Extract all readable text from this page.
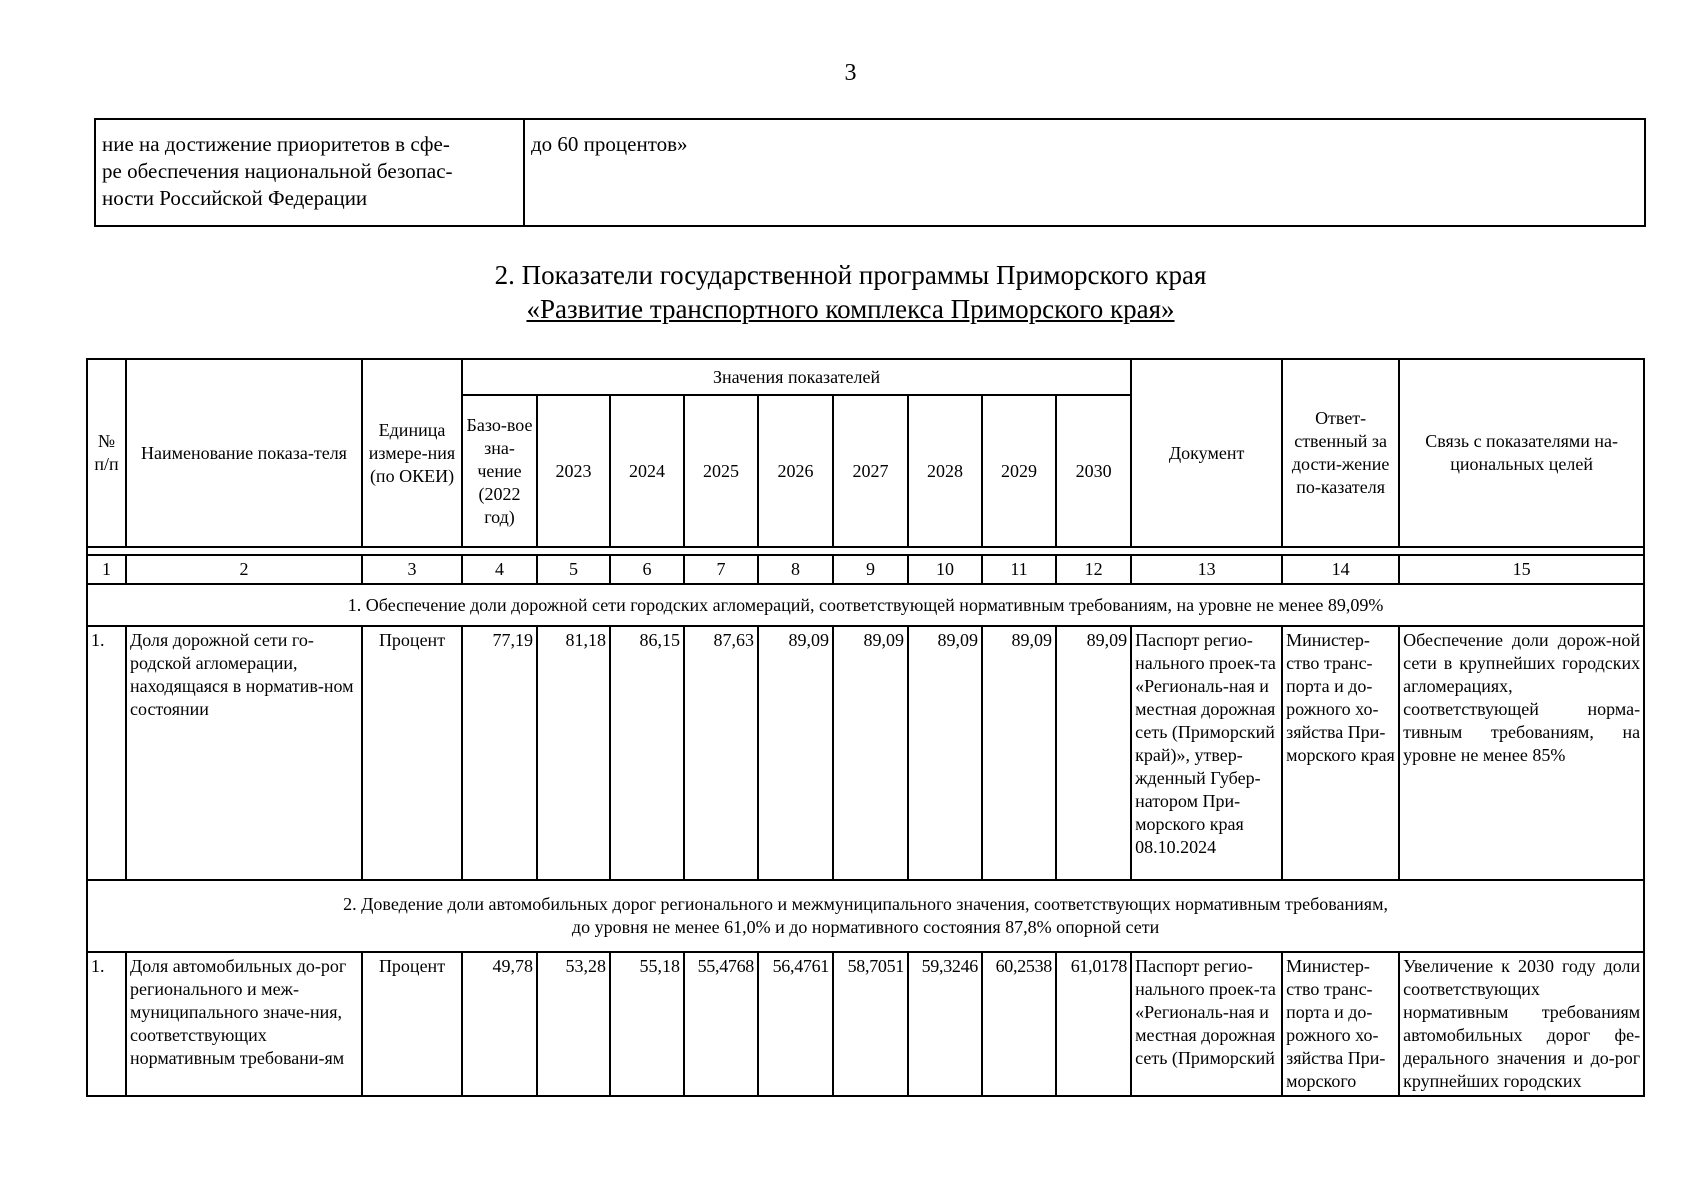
3
ние на достижение приоритетов в сфе-
ре обеспечения национальной безопас-
ности Российской Федерации	до 60 процентов»
2. Показатели государственной программы Приморского края
«Развитие транспортного комплекса Приморского края»
№ п/п	Наименование показа-теля	Единица измере-ния (по ОКЕИ)	Значения показателей									Документ	Ответ-ственный за дости-жение по-казателя	Связь с показателями на-циональных целей
			Базо-вое зна-чение (2022 год)	2023	2024	2025	2026	2027	2028	2029	2030			

1	2	3	4	5	6	7	8	9	10	11	12	13	14	15
1. Обеспечение доли дорожной сети городских агломераций, соответствующей нормативным требованиям, на уровне не менее 89,09%														
1.	Доля дорожной сети го-родской агломерации, находящаяся в норматив-ном состоянии	Процент	77,19	81,18	86,15	87,63	89,09	89,09	89,09	89,09	89,09	Паспорт регио-нального проек-та «Региональ-ная и местная дорожная сеть (Приморский край)», утвер-жденный Губер-натором При-морского края 08.10.2024	Министер-ство транс-порта и до-рожного хо-зяйства При-морского края	Обеспечение доли дорож-ной сети в крупнейших городских агломерациях, соответствующей норма-тивным требованиям, на уровне не менее 85%

2. Доведение доли автомобильных дорог регионального и межмуниципального значения, соответствующих нормативным требованиям,
до уровня не менее 61,0% и до нормативного состояния 87,8% опорной сети														

1.	Доля автомобильных до-рог регионального и меж-муниципального значе-ния, соответствующих нормативным требовани-ям	Процент	49,78	53,28	55,18	55,4768	56,4761	58,7051	59,3246	60,2538	61,0178	Паспорт регио-нального проек-та «Региональ-ная и местная дорожная сеть (Приморский	Министер-ство транс-порта и до-рожного хо-зяйства При-морского	Увеличение к 2030 году доли соответствующих нормативным требованиям автомобильных дорог фе-дерального значения и до-рог крупнейших городских
